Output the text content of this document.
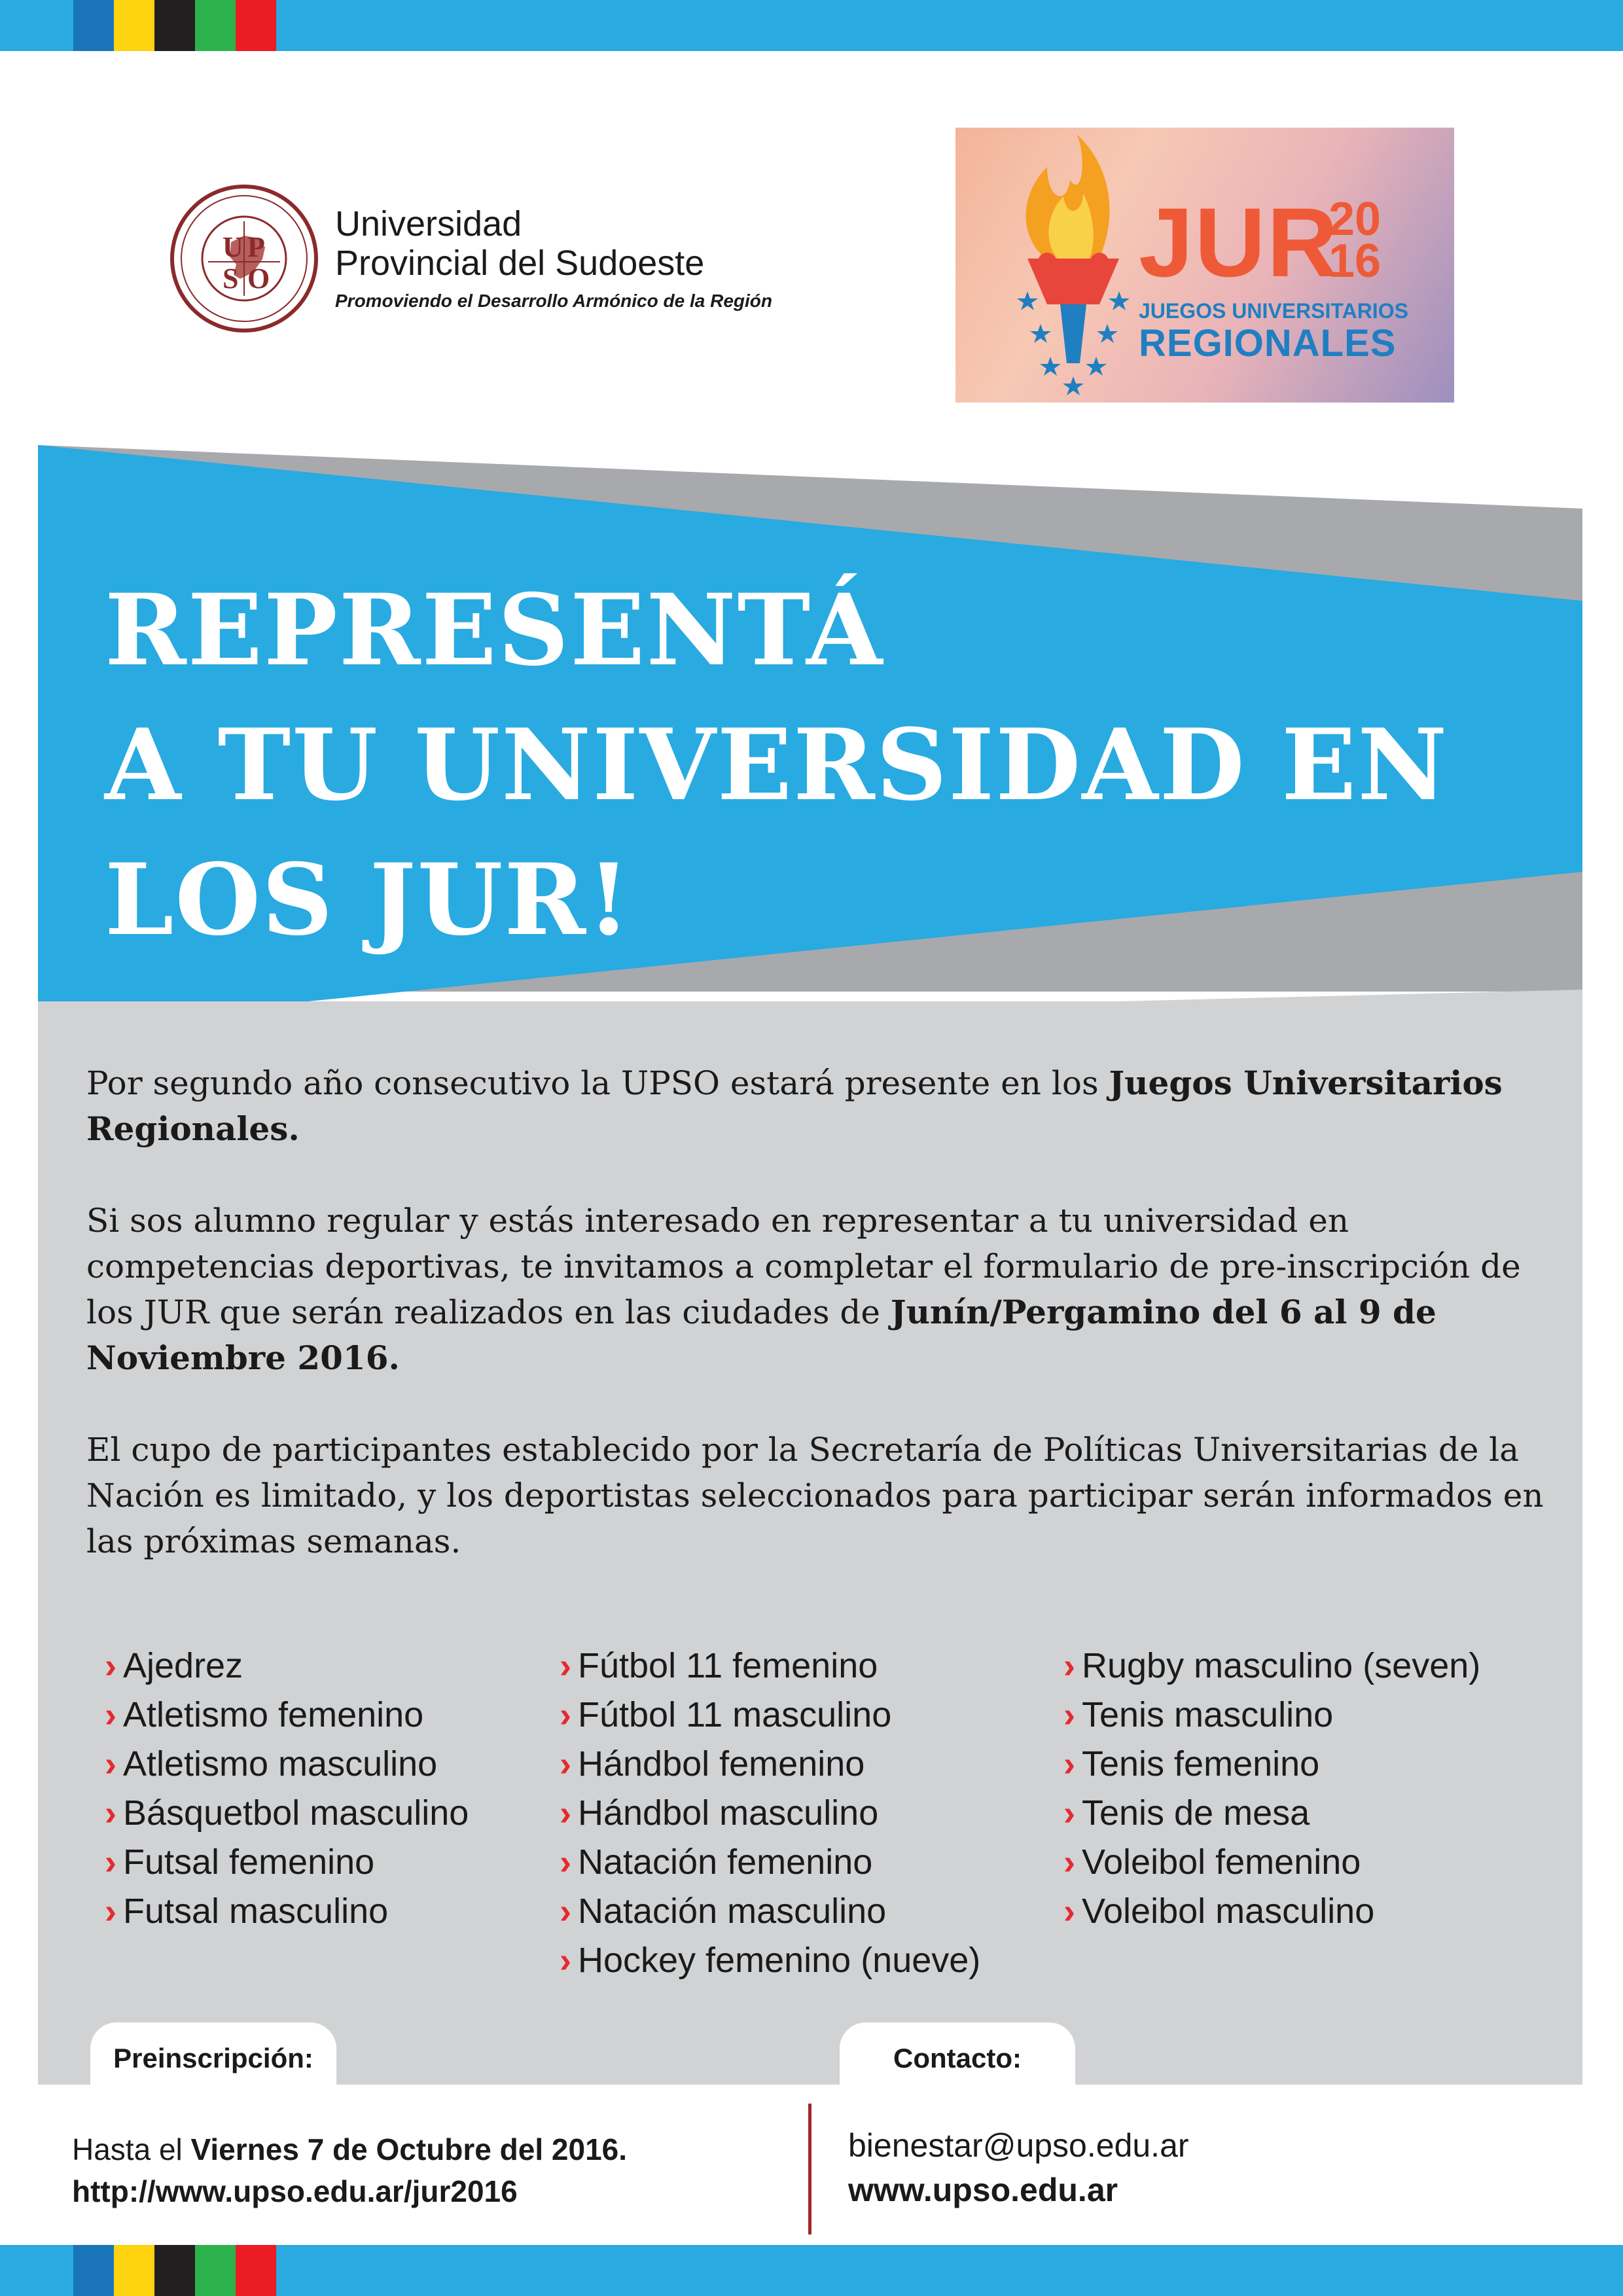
U P
S O
Universidad
Provincial del Sudoeste
Promoviendo el Desarrollo Armónico de la Región
JUR
20 16
JUEGOS UNIVERSITARIOS
REGIONALES
REPRESENTÁ
A TU UNIVERSIDAD EN
LOS JUR!

Por segundo año consecutivo la UPSO estará presente en los Juegos Universitarios Regionales.

Si sos alumno regular y estás interesado en representar a tu universidad en competencias deportivas, te invitamos a completar el formulario de pre-inscripción de los JUR que serán realizados en las ciudades de Junín/Pergamino del 6 al 9 de Noviembre 2016.

El cupo de participantes establecido por la Secretaría de Políticas Universitarias de la Nación es limitado, y los deportistas seleccionados para participar serán informados en las próximas semanas.

› Ajedrez
› Atletismo femenino
› Atletismo masculino
› Básquetbol masculino
› Futsal femenino
› Futsal masculino
› Fútbol 11 femenino
› Fútbol 11 masculino
› Hándbol femenino
› Hándbol masculino
› Natación femenino
› Natación masculino
› Hockey femenino (nueve)
› Rugby masculino (seven)
› Tenis masculino
› Tenis femenino
› Tenis de mesa
› Voleibol femenino
› Voleibol masculino
Preinscripción:	Contacto:
Hasta el Viernes 7 de Octubre del 2016.
http://www.upso.edu.ar/jur2016
bienestar@upso.edu.ar
www.upso.edu.ar
